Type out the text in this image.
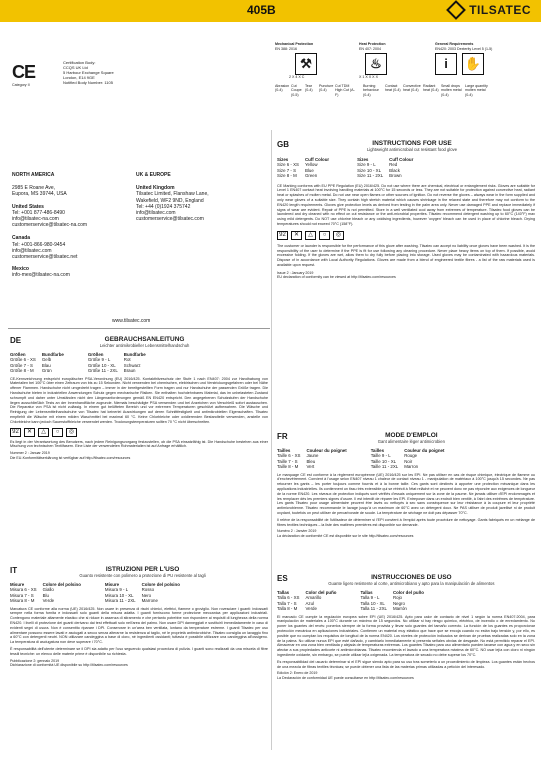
405B	TILSATEC
CE
Category II
Certification Body:
CCQS UK Ltd
5 Harbour Exchange Square
London, E14 9GE
Notified Body Number: 1105
Mechanical Protection
EN 388: 2016
⚒
2 X 4 X C
Heat Protection
EN 407: 2004
♨
X 1 X X X X
General Requirements
EN420: 2003 Dexterity Level 5 (1-5)
i	✋
Abrasion (0-4)
Cut Coupe (0-5)
Tear (0-4)
Puncture (0-4)
Cut TDM High Cut (A-F)
Burning behaviour (0-4)
Contact heat (0-4)
Convective heat (0-4)
Radiant heat (0-4)
Small drops molten metal (0-4)
Large quantity molten metal (0-4)
NORTH AMERICA
2985 E Roane Ave,
Eupora, MS 39744, USA
United States
Tel: +001 877-486-8490
info@tilsatec-na.com
customerservice@tilsatec-na.com
Canada
Tel: +001-866-980-9454
info@tilsatec.com
customerservice@tilsatec.net
Mexico
info-mex@tilsatec-na.com
UK & EUROPE
United Kingdom
Tilsatec Limited, Flanshaw Lane,
Wakefield, WF2 9ND, England
Tel: +44 (0)1924 375742
info@tilsatec.com
customerservice@tilsatec.com
www.tilsatec.com
GB	INSTRUCTIONS FOR USE
Lightweight antimicrobial cut resistant food glove
Sizes	Cuff Colour	Sizes	Cuff Colour
Size 6 - XS	Yellow	Size 9 - L	Red
Size 7 - S	Blue	Size 10 - XL	Black
Size 8 - M	Green	Size 11 - 2XL	Brown
CE Marking conforms with EU PPE Regulation (EU) 2016/425. Do not use where there are chemical, electrical or entanglement risks. Gloves are suitable for Level 1 EN407 contact heat involving handling materials at 100°C for 15 seconds or less. They are not suitable for protection against convective heat, radiant heat or splashes of molten metal. Do not use near open flames or other sources of ignition. Do not reverse the gloves – always wear in the form supplied and only wear gloves of a suitable size. They contain high stretch material which causes shrinkage in the relaxed state and therefore may not conform to the EN420 length requirements. Gloves give protection levels as derived from testing in the palm area only. Never use damaged PPE and replace immediately if signs of wear are evident. Repair of PPE is not permitted. Store in a well ventilated cool away from extremes of temperature. Tilsatec food gloves can be laundered and dry cleaned with no effect on cut resistance or the anti-microbial properties. Tilsatec recommend detergent washing up to 60°C (140°F) max using mild detergents. Do NOT use chlorine bleach or any oxidising ingredients, however 'oxygen' bleach can be used in place of chlorine bleach. Drying temperatures should not exceed 70°C (158°F).
92	✕	△	○	◎
The customer or launder is responsible for the performance of this glove after washing. Tilsatec can accept no liability once gloves have been washed. It is the responsibility of the user to determine if the PPE is fit for use following any cleaning procedure. Never place heavy items on top of them. If possible, avoid excessive folding. If the gloves are wet, allow them to dry fully before placing into storage. Used gloves may be contaminated with hazardous materials. Dispose of in accordance with Local Authority Regulations. Gloves are made from a blend of engineered textile fibres - a list of the raw materials used is available upon request.
Issue 2 : January 2019
EU declaration of conformity can be viewed at http://tilsatec.com/resources
FR	MODE D'EMPLOI
Gant alimentaire léger antimicrobien
Tailles	Couleur du poignet	Tailles	Couleur du poignet
Taille 6 - XS	Jaune	Taille 9 - L	Rouge
Taille 7 - S	Bleu	Taille 10 - XL	Noir
Taille 8 - M	Vert	Taille 11 - 2XL	Marron
Le marquage CE est conforme à la règlement européenne (UE) 2016/425 sur les EPI. Ne pas utiliser en cas de risque chimique, électrique de flamme ou d'enchevêtrement. Convient à l'usage selon EN407 niveau 1 chaleur de contact niveau 1 - manipulation de matériaux à 100°C jusqu'à 15 secondes. Ne pas retourner les gants – les porter toujours comme fournis et à la bonne taille. Ces gants sont destinés à apporter une protection mécanique dans les applications industrielles. Ils contiennent un tissu très extensible qui se rétrécit à l'état relâché et ne peuvent donc ne pas répondre aux exigences de longueur de la norme EN420. Les niveaux de protection indiqués sont vérifiés d'essais uniquement sur la zone de la paume. Ne jamais utiliser d'EPI endommagés et les remplacer dès les premiers signes d'usure. Il est interdit de réparer les EPI. Entreposer dans un endroit bien ventilé, à l'abri des extrêmes de température. Les gants Tilsatec pour usage alimentaire peuvent être lavés ou nettoyés à sec sans conséquence sur leur résistance à la coupure et leur propriété antimicrobienne. Tilsatec recommande le lavage jusqu'à un maximum de 60°C avec un détergent doux. Ne PAS utiliser de produit javellisé ni de produit oxydant, toutefois on peut utiliser de percarbonate de soude. La température de séchage ne doit pas dépasser 70°C.
Il relève de la responsabilité de l'utilisateur de déterminer si l'EPI convient à l'emploi après toute procédure de nettoyage. Gants fabriqués en un mélange de fibres textiles techniques – la liste des matières premières est disponible sur demande.
Numéro 2 : Janvier 2019
La déclaration de conformité CE est disponible sur le site http://tilsatec.com/resources
ES	INSTRUCCIONES DE USO
Guante ligero resistente al corte, antimicrobiano y apto para la manipulación de alimentos
Tallas	Color del puño	Tallas	Color del puño
Talla 6 - XS	Amarillo	Talla 9 - L	Rojo
Talla 7 - S	Azul	Talla 10 - XL	Negro
Talla 8 - M	Verde	Talla 11 - 2XL	Marrón
El marcado CE cumple la regulación europea sobre EPI (UE) 2016/425. Apto para calor de contacto de nivel 1 según la norma EN407:2004, para manipulación de materiales a 100°C durante un máximo de 15 segundos. No utilizar si hay riesgo químico, eléctrico, de incendio o de enredamiento. No poner los guantes del revés: ponerlos siempre de la forma provista y llevar solo guantes del tamaño correcto. La función de los guantes es proporcionar protección mecánica en aplicaciones industriales. Contienen un material muy elástico que hace que se encoja cuando no están bajo tensión y, por ello, es posible que no cumplan los requisitos de longitud de la norma EN420. Los niveles de protección indicados se derivan de pruebas realizadas solo en la zona de la palma. No utilizar nunca EPI que esté dañado, y cambiarlo inmediatamente si presenta señales obvias de desgaste. No está permitido reparar el EPI. Almacenar en una zona bien ventilada y alejada de temperaturas extremas. Los guantes Tilsatec para uso alimentario pueden lavarse con agua y en seco sin afectar a sus propiedades anticorte ni antimicrobianas. Tilsatec recomienda el lavado a una temperatura máxima de 60°C. NO usar lejía con cloro ni ningún ingrediente oxidante, sin embargo, se puede utilizar lejía oxigenada. La temperatura de secado no debe superar los 70°C.
Es responsabilidad del usuario determinar si el EPI sigue siendo apto para su uso tras someterlo a un procedimiento de limpieza. Los guantes están hechos de una mezcla de fibras textiles técnicas; se puede obtener una lista de las materias primas utilizadas a petición del interesado.
Edición 2: Enero de 2019
La Declaración de conformidad UE puede consultarse en http://tilsatec.com/resources
DE	GEBRAUCHSANLEITUNG
Leichter antimikrobieller Lebensmittelhandschuh
Größen	Bundfarbe	Größen	Bundfarbe
Größe 6 - XS	Gelb	Größe 9 - L	Rot
Größe 7 - S	Blau	Größe 10 - XL	Schwarz
Größe 8 - M	Grün	Größe 11 - 2XL	Braun
CE-Kennzeichnung entspricht europäischer PSA-Verordnung (EU) 2016/425. Kontakthitzeschutz der Stufe 1 nach EN407: 2004 zur Handhabung von Materialien bei 100°C über einen Zeitraum von bis zu 15 Sekunden. Nicht verwenden bei chemischen, elektrischen und Verstrickungsgefahren oder bei Nähe offener Flammen. Handschuhe nicht umgedreht tragen – immer in der bereitgestellten Form tragen und nur Handschuhe der passenden Größe tragen. Die Handschuhe bieten in industriellen Anwendungen Schutz gegen mechanische Risiken. Sie enthalten hochdehnbares Material, das im unbelasteten Zustand schrumpft und daher unter Umständen nicht den Längenanforderungen gemäß EN EN420 entspricht. Den angegebenen Schutzstufen der Handschuhe liegen ausschließlich Tests an der Innenhandfläche zugrunde. Niemals beschädigte PSA verwenden und bei Anzeichen von Verschleiß sofort austauschen. Die Reparatur von PSA ist nicht zulässig. In einem gut belüfteten Bereich und vor extremen Temperaturen geschützt aufbewahren. Die Wäsche und Reinigung der Lebensmittelhandschuhe von Tilsatec hat keinerlei Auswirkungen auf deren Schnittfestigkeit und antimikrobiellen Eigenschaften. Tilsatec empfiehlt die Wäsche mit einem milden Waschmittel bei maximal 60 °C. Keine Chlorbleiche oder oxidierenden Bestandteile verwenden, anstelle von Chlorbleiche kann jedoch Sauerstoffbleiche verwendet werden. Trocknungstemperaturen sollten 70 °C nicht überschreiten.
92	✕	△	○	◎
Es liegt in der Verantwortung des Benutzers, nach jedem Reinigungsvorgang festzustellen, ob die PSA einsatzfähig ist. Die Handschuhe bestehen aus einer Mischung von technischen Textilfasern. Eine Liste der verwendeten Rohmaterialien ist auf Anfrage erhältlich.
Nummer 2 : Januar 2019
Die EU-Konformitätserklärung ist verfügbar auf http://tilsatec.com/resources
IT	ISTRUZIONI PER L'USO
Guanto resistente con polimero a protezione di PU resistente al tagli
Misure	Colore del polsino	Misure	Colore del polsino
Misura 6 - XS	Giallo	Misura 9 - L	Rosso
Misura 7 - S	Blu	Misura 10 - XL	Nero
Misura 8 - M	Verde	Misura 11 - 2XL	Marrone
Marcatura CE conforme alla norma (UE) 2016/425. Non usare in presenza di rischi chimici, elettrici, fiamme o groviglio. Non rovesciare i guanti: indossarli sempre nella forma fornita e indossarli solo guanti della misura adatta. I guanti forniscono forme protezione meccanica per applicazioni industriali. Contengono materiale altamente elastico che si riduce in assenza di stiramento e che pertanto potrebbe non rispondere ai requisiti di lunghezza della norma EN420. I livelli di protezione dei guanti derivano dai test effettuati solo nell'area del palmo. Non usare DPI danneggiati e sostituirli immediatamente in caso di evidenti segni di usura. Non è consentito riparare i DPI. Conservare in un'area ben ventilata, lontano da temperature estreme. I guanti Tilsatec per uso alimentare possono essere lavati e asciugati a secco senza alterarne la resistenza al taglio, né le proprietà antimicrobiche. Tilsatec consiglia un lavaggio fino a 60°C con detergenti neutri. NON utilizzare candeggina a base di cloro, né ingredienti ossidanti; tuttavia è possibile utilizzare una candeggina all'ossigeno. La temperatura di asciugatura non deve superare i 70°C.
È responsabilità dell'utente determinare se il DPI sia adatto per l'uso seguendo qualsiasi procedura di pulizia. I guanti sono realizzati da una miscela di fibre tessili tecniche: un elenco delle materie prime è disponibile su richiesta.
Pubblicazione 2: gennaio 2019
Dichiarazione di conformità UE disponibile su http://tilsatec.com/resources
